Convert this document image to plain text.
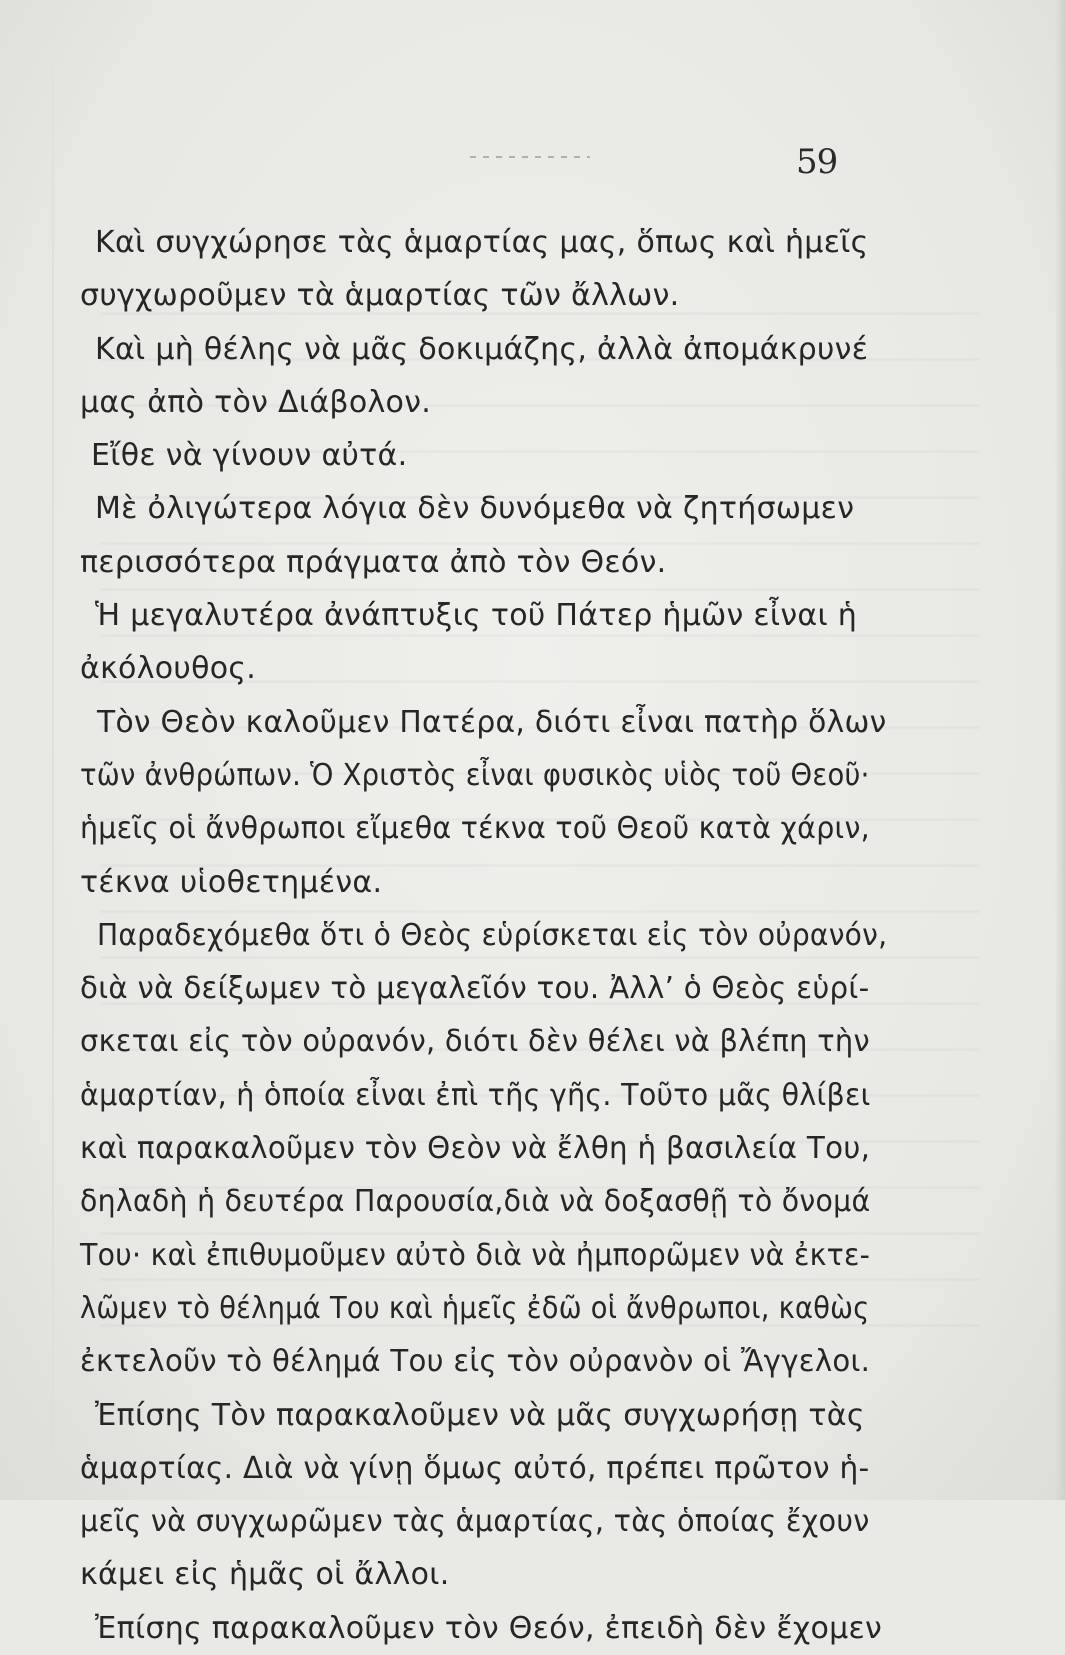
59
Καὶ συγχώρησε τὰς ἁμαρτίας μας, ὅπως καὶ ἡμεῖς
συγχωροῦμεν τὰ ἁμαρτίας τῶν ἄλλων.
Καὶ μὴ θέλης νὰ μᾶς δοκιμάζης, ἀλλὰ ἀπομάκρυνέ
μας ἀπὸ τὸν Διάβολον.
Εἴθε νὰ γίνουν αὐτά.
Μὲ ὀλιγώτερα λόγια δὲν δυνόμεθα νὰ ζητήσωμεν
περισσότερα πράγματα ἀπὸ τὸν Θεόν.
Ἡ μεγαλυτέρα ἀνάπτυξις τοῦ Πάτερ ἡμῶν εἶναι ἡ
ἀκόλουθος.
Τὸν Θεὸν καλοῦμεν Πατέρα, διότι εἶναι πατὴρ ὅλων
τῶν ἀνθρώπων. Ὁ Χριστὸς εἶναι φυσικὸς υἱὸς τοῦ Θεοῦ·
ἡμεῖς οἱ ἄνθρωποι εἴμεθα τέκνα τοῦ Θεοῦ κατὰ χάριν,
τέκνα υἱοθετημένα.
Παραδεχόμεθα ὅτι ὁ Θεὸς εὑρίσκεται εἰς τὸν οὐρανόν,
διὰ νὰ δείξωμεν τὸ μεγαλεῖόν του. Ἀλλ’ ὁ Θεὸς εὑρί-
σκεται εἰς τὸν οὐρανόν, διότι δὲν θέλει νὰ βλέπη τὴν
ἁμαρτίαν, ἡ ὁποία εἶναι ἐπὶ τῆς γῆς. Τοῦτο μᾶς θλίβει
καὶ παρακαλοῦμεν τὸν Θεὸν νὰ ἔλθη ἡ βασιλεία Του,
δηλαδὴ ἡ δευτέρα Παρουσία,διὰ νὰ δοξασθῇ τὸ ὄνομά
Του· καὶ ἐπιθυμοῦμεν αὐτὸ διὰ νὰ ἠμπορῶμεν νὰ ἐκτε-
λῶμεν τὸ θέλημά Του καὶ ἡμεῖς ἐδῶ οἱ ἄνθρωποι, καθὼς
ἐκτελοῦν τὸ θέλημά Του εἰς τὸν οὐρανὸν οἱ Ἄγγελοι.
Ἐπίσης Τὸν παρακαλοῦμεν νὰ μᾶς συγχωρήσῃ τὰς
ἁμαρτίας. Διὰ νὰ γίνῃ ὅμως αὐτό, πρέπει πρῶτον ἡ-
μεῖς νὰ συγχωρῶμεν τὰς ἁμαρτίας, τὰς ὁποίας ἔχουν
κάμει εἰς ἡμᾶς οἱ ἄλλοι.
Ἐπίσης παρακαλοῦμεν τὸν Θεόν, ἐπειδὴ δὲν ἔχομεν
